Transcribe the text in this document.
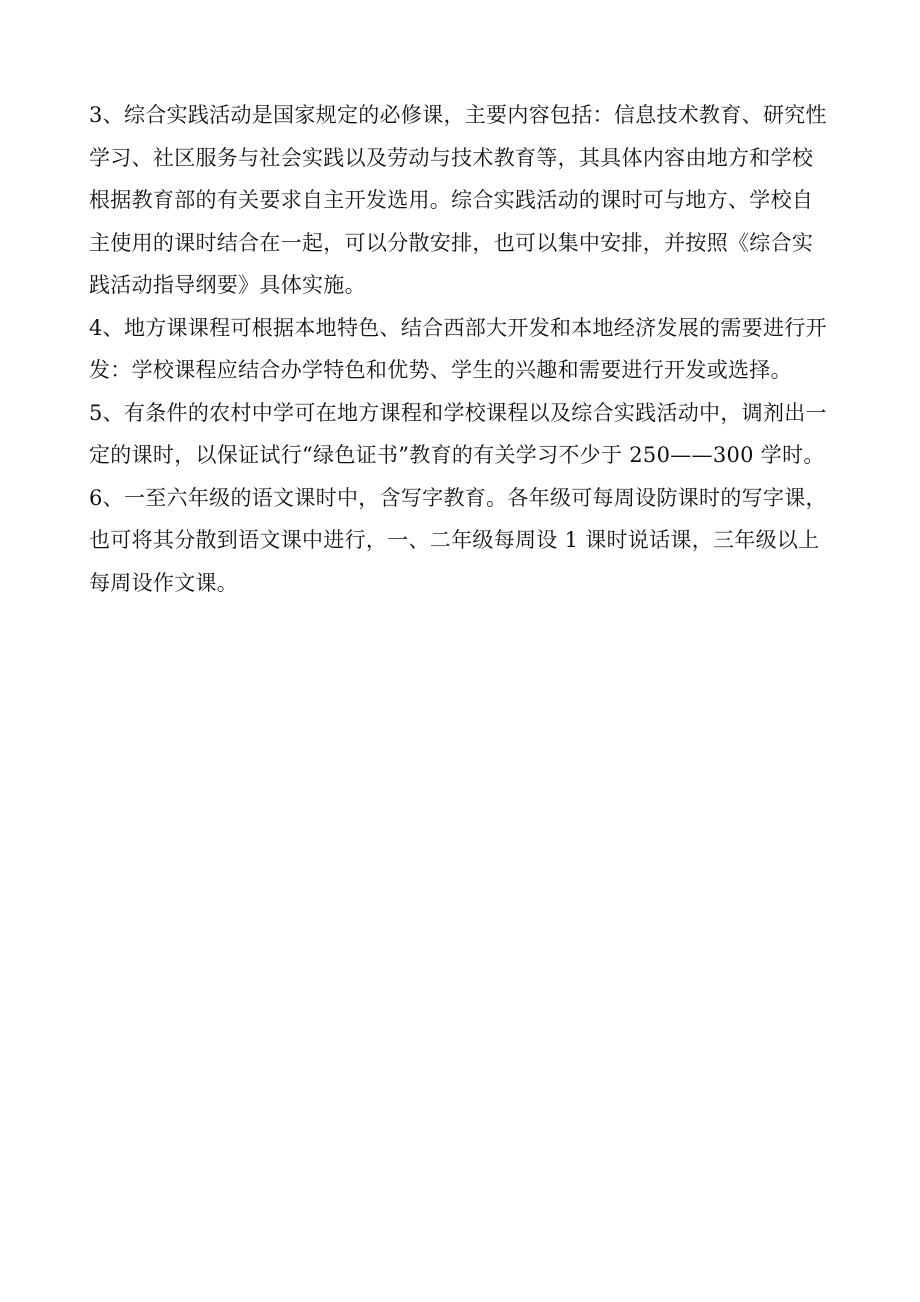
3、综合实践活动是国家规定的必修课，主要内容包括：信息技术教育、研究性
学习、社区服务与社会实践以及劳动与技术教育等，其具体内容由地方和学校
根据教育部的有关要求自主开发选用。综合实践活动的课时可与地方、学校自
主使用的课时结合在一起，可以分散安排，也可以集中安排，并按照《综合实
践活动指导纲要》具体实施。
4、地方课课程可根据本地特色、结合西部大开发和本地经济发展的需要进行开
发：学校课程应结合办学特色和优势、学生的兴趣和需要进行开发或选择。
5、有条件的农村中学可在地方课程和学校课程以及综合实践活动中，调剂出一
定的课时，以保证试行“绿色证书”教育的有关学习不少于 250——300 学时。
6、一至六年级的语文课时中，含写字教育。各年级可每周设防课时的写字课，
也可将其分散到语文课中进行，一、二年级每周设 1 课时说话课，三年级以上
每周设作文课。
